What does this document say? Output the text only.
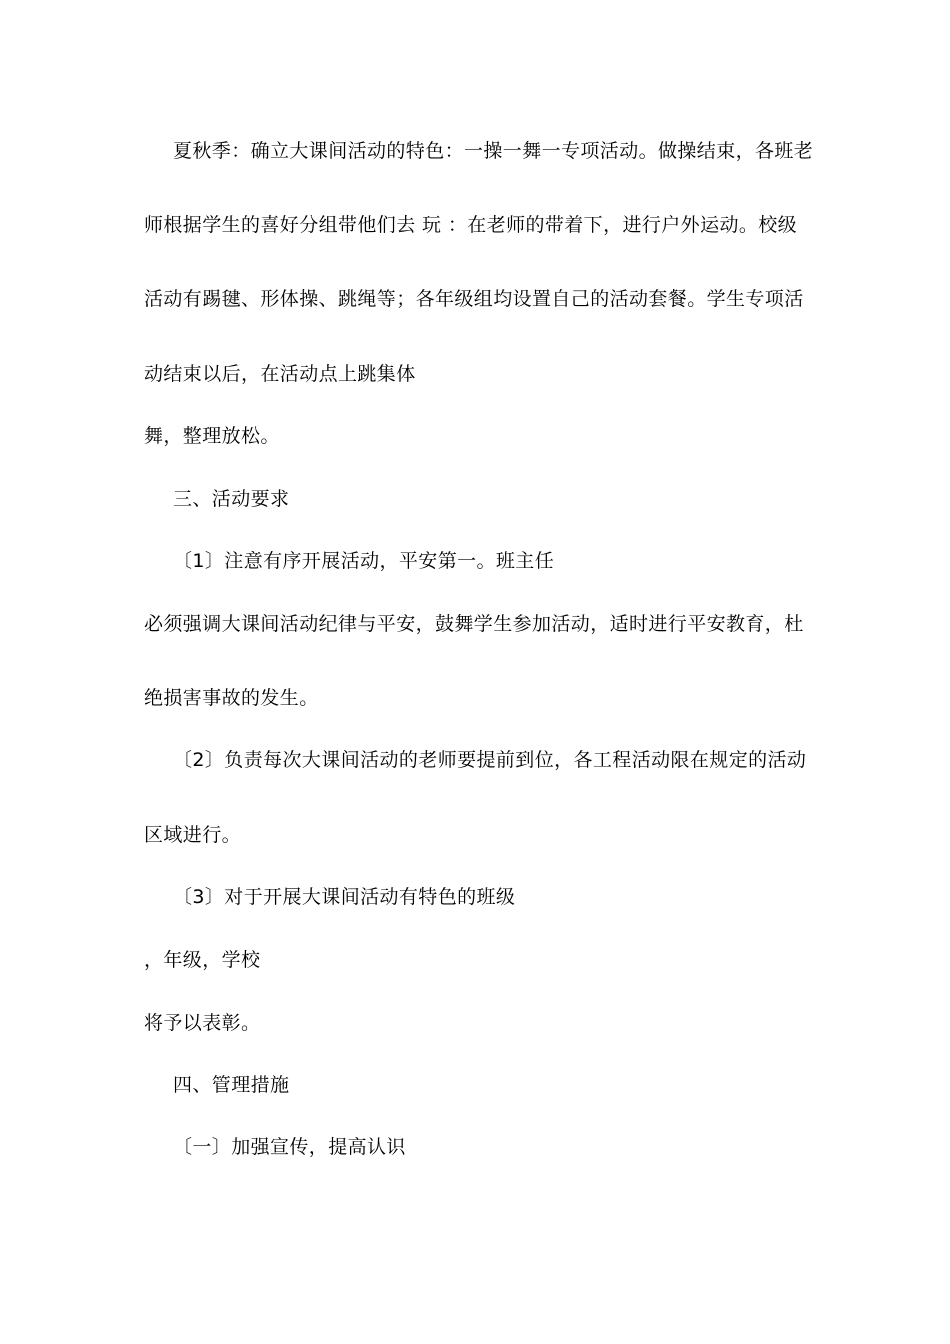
夏秋季：确立大课间活动的特色：一操一舞一专项活动。做操结束，各班老
师根据学生的喜好分组带他们去 玩 ：在老师的带着下，进行户外运动。校级
活动有踢毽、形体操、跳绳等；各年级组均设置自己的活动套餐。学生专项活
动结束以后，在活动点上跳集体
舞，整理放松。
三、活动要求
〔1〕注意有序开展活动，平安第一。班主任
必须强调大课间活动纪律与平安，鼓舞学生参加活动，适时进行平安教育，杜
绝损害事故的发生。
〔2〕负责每次大课间活动的老师要提前到位，各工程活动限在规定的活动
区域进行。
〔3〕对于开展大课间活动有特色的班级
，年级，学校
将予以表彰。
四、管理措施
〔一〕加强宣传，提高认识
